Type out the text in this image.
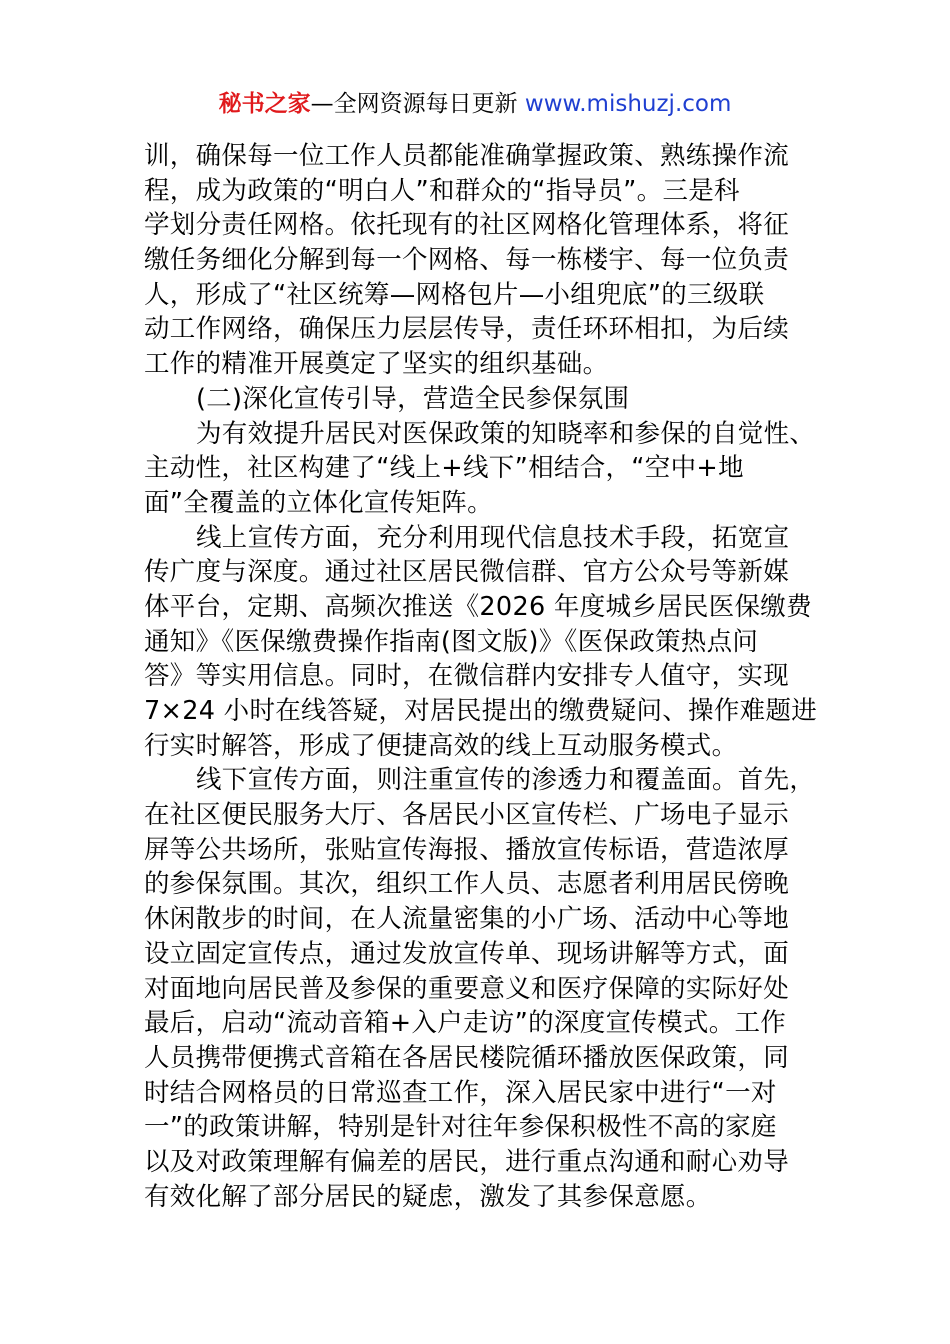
秘书之家—全网资源每日更新 www.mishuzj.com
训，确保每一位工作人员都能准确掌握政策、熟练操作流
程，成为政策的“明白人”和群众的“指导员”。三是科
学划分责任网格。依托现有的社区网格化管理体系，将征
缴任务细化分解到每一个网格、每一栋楼宇、每一位负责
人，形成了“社区统筹—网格包片—小组兜底”的三级联
动工作网络，确保压力层层传导，责任环环相扣，为后续
工作的精准开展奠定了坚实的组织基础。
(二)深化宣传引导，营造全民参保氛围
为有效提升居民对医保政策的知晓率和参保的自觉性、
主动性，社区构建了“线上+线下”相结合，“空中+地
面”全覆盖的立体化宣传矩阵。
线上宣传方面，充分利用现代信息技术手段，拓宽宣
传广度与深度。通过社区居民微信群、官方公众号等新媒
体平台，定期、高频次推送《2026 年度城乡居民医保缴费
通知》《医保缴费操作指南(图文版)》《医保政策热点问
答》等实用信息。同时，在微信群内安排专人值守，实现
7×24 小时在线答疑，对居民提出的缴费疑问、操作难题进
行实时解答，形成了便捷高效的线上互动服务模式。
线下宣传方面，则注重宣传的渗透力和覆盖面。首先，
在社区便民服务大厅、各居民小区宣传栏、广场电子显示
屏等公共场所，张贴宣传海报、播放宣传标语，营造浓厚
的参保氛围。其次，组织工作人员、志愿者利用居民傍晚
休闲散步的时间，在人流量密集的小广场、活动中心等地
设立固定宣传点，通过发放宣传单、现场讲解等方式，面
对面地向居民普及参保的重要意义和医疗保障的实际好处
最后，启动“流动音箱+入户走访”的深度宣传模式。工作
人员携带便携式音箱在各居民楼院循环播放医保政策，同
时结合网格员的日常巡查工作，深入居民家中进行“一对
一”的政策讲解，特别是针对往年参保积极性不高的家庭
以及对政策理解有偏差的居民，进行重点沟通和耐心劝导
有效化解了部分居民的疑虑，激发了其参保意愿。
